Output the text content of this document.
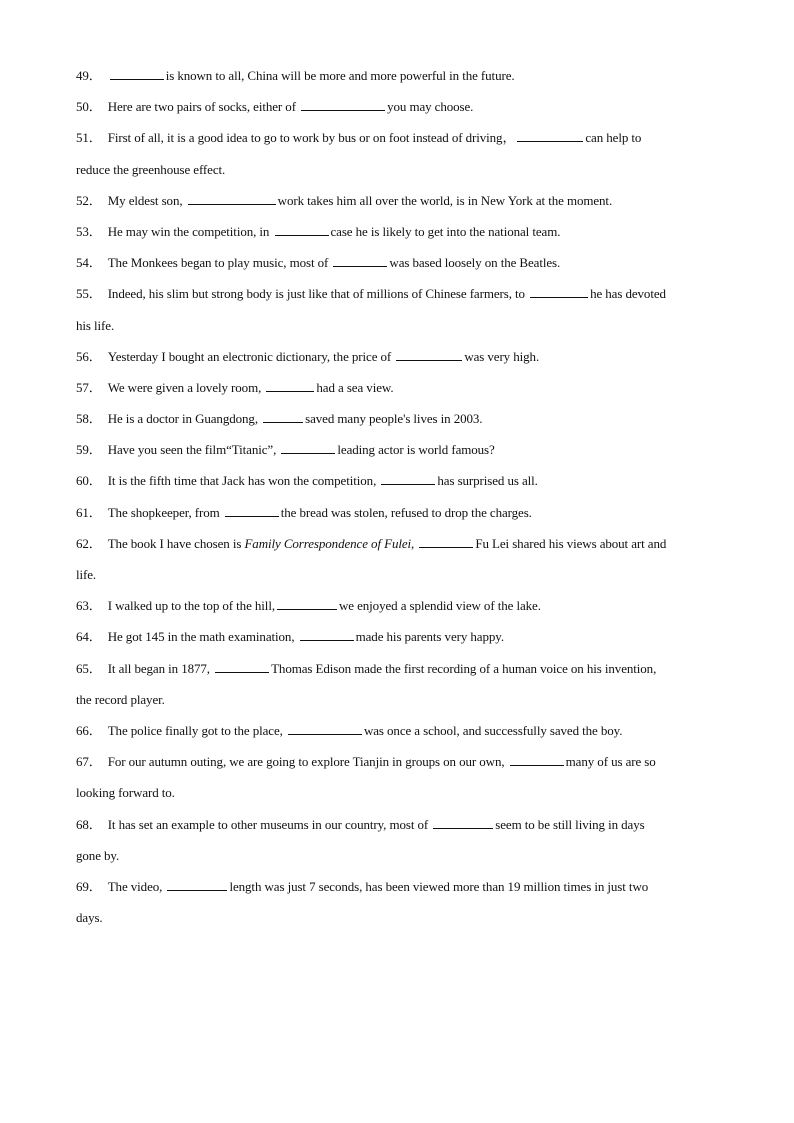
49．	is known to all, China will be more and more powerful in the future.
50． Here are two pairs of socks, either of	you may choose.
51． First of all, it is a good idea to go to work by bus or on foot instead of driving，	can help to
reduce the greenhouse effect.
52． My eldest son,	work takes him all over the world, is in New York at the moment.
53． He may win the competition, in	case he is likely to get into the national team.
54． The Monkees began to play music, most of	was based loosely on the Beatles.
55． Indeed, his slim but strong body is just like that of millions of Chinese farmers, to	he has devoted
his life.
56． Yesterday I bought an electronic dictionary, the price of	was very high.
57． We were given a lovely room,	had a sea view.
58． He is a doctor in Guangdong,	saved many people's lives in 2003.
59． Have you seen the film“Titanic”,	leading actor is world famous?
60． It is the fifth time that Jack has won the competition,	has surprised us all.
61． The shopkeeper, from	the bread was stolen, refused to drop the charges.
62． The book I have chosen is Family Correspondence of Fulei,	Fu Lei shared his views about art and
life.
63． I walked up to the top of the hill,	we enjoyed a splendid view of the lake.
64． He got 145 in the math examination,	made his parents very happy.
65． It all began in 1877,	Thomas Edison made the first recording of a human voice on his invention,
the record player.
66． The police finally got to the place,	was once a school, and successfully saved the boy.
67． For our autumn outing, we are going to explore Tianjin in groups on our own,	many of us are so
looking forward to.
68． It has set an example to other museums in our country, most of	seem to be still living in days
gone by.
69． The video,	length was just 7 seconds, has been viewed more than 19 million times in just two
days.
